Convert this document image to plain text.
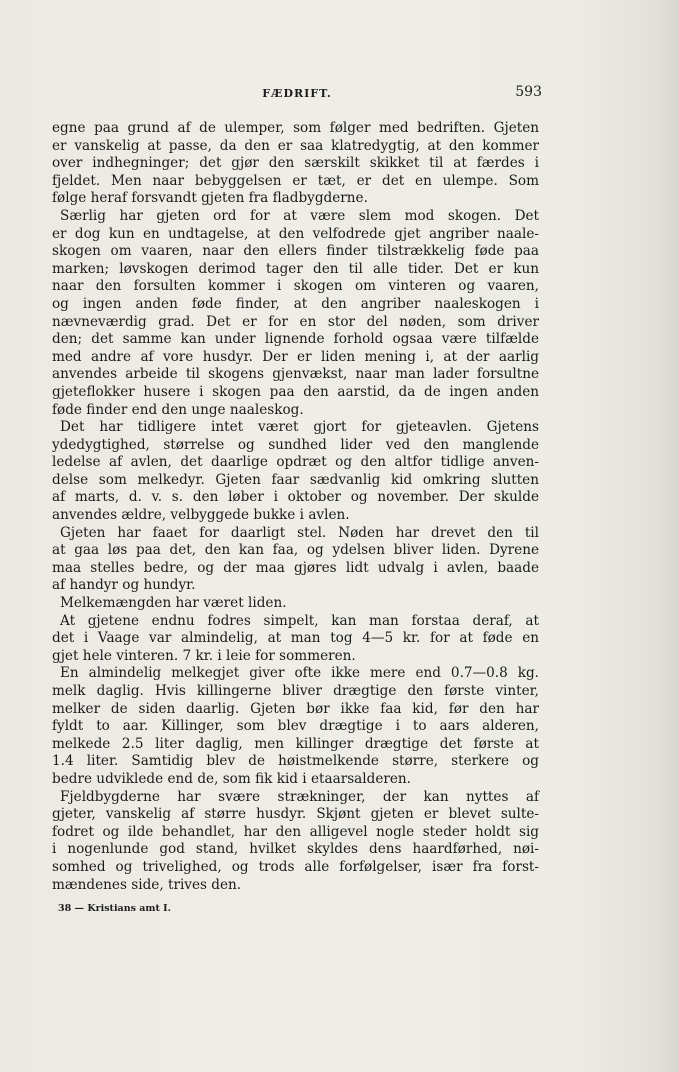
FÆDRIFT.	593
egne paa grund af de ulemper, som følger med bedriften. Gjeten
er vanskelig at passe, da den er saa klatredygtig, at den kommer
over indhegninger; det gjør den særskilt skikket til at færdes i
fjeldet. Men naar bebyggelsen er tæt, er det en ulempe. Som
følge heraf forsvandt gjeten fra fladbygderne.
Særlig har gjeten ord for at være slem mod skogen. Det
er dog kun en undtagelse, at den velfodrede gjet angriber naale-
skogen om vaaren, naar den ellers finder tilstrækkelig føde paa
marken; løvskogen derimod tager den til alle tider. Det er kun
naar den forsulten kommer i skogen om vinteren og vaaren,
og ingen anden føde finder, at den angriber naaleskogen i
nævneværdig grad. Det er for en stor del nøden, som driver
den; det samme kan under lignende forhold ogsaa være tilfælde
med andre af vore husdyr. Der er liden mening i, at der aarlig
anvendes arbeide til skogens gjenvækst, naar man lader forsultne
gjeteflokker husere i skogen paa den aarstid, da de ingen anden
føde finder end den unge naaleskog.
Det har tidligere intet været gjort for gjeteavlen. Gjetens
ydedygtighed, størrelse og sundhed lider ved den manglende
ledelse af avlen, det daarlige opdræt og den altfor tidlige anven-
delse som melkedyr. Gjeten faar sædvanlig kid omkring slutten
af marts, d. v. s. den løber i oktober og november. Der skulde
anvendes ældre, velbyggede bukke i avlen.
Gjeten har faaet for daarligt stel. Nøden har drevet den til
at gaa løs paa det, den kan faa, og ydelsen bliver liden. Dyrene
maa stelles bedre, og der maa gjøres lidt udvalg i avlen, baade
af handyr og hundyr.
Melkemængden har været liden.
At gjetene endnu fodres simpelt, kan man forstaa deraf, at
det i Vaage var almindelig, at man tog 4—5 kr. for at føde en
gjet hele vinteren. 7 kr. i leie for sommeren.
En almindelig melkegjet giver ofte ikke mere end 0.7—0.8 kg.
melk daglig. Hvis killingerne bliver drægtige den første vinter,
melker de siden daarlig. Gjeten bør ikke faa kid, før den har
fyldt to aar. Killinger, som blev drægtige i to aars alderen,
melkede 2.5 liter daglig, men killinger drægtige det første at
1.4 liter. Samtidig blev de høistmelkende større, sterkere og
bedre udviklede end de, som fik kid i etaarsalderen.
Fjeldbygderne har svære strækninger, der kan nyttes af
gjeter, vanskelig af større husdyr. Skjønt gjeten er blevet sulte-
fodret og ilde behandlet, har den alligevel nogle steder holdt sig
i nogenlunde god stand, hvilket skyldes dens haardførhed, nøi-
somhed og trivelighed, og trods alle forfølgelser, især fra forst-
mændenes side, trives den.
38 — Kristians amt I.
